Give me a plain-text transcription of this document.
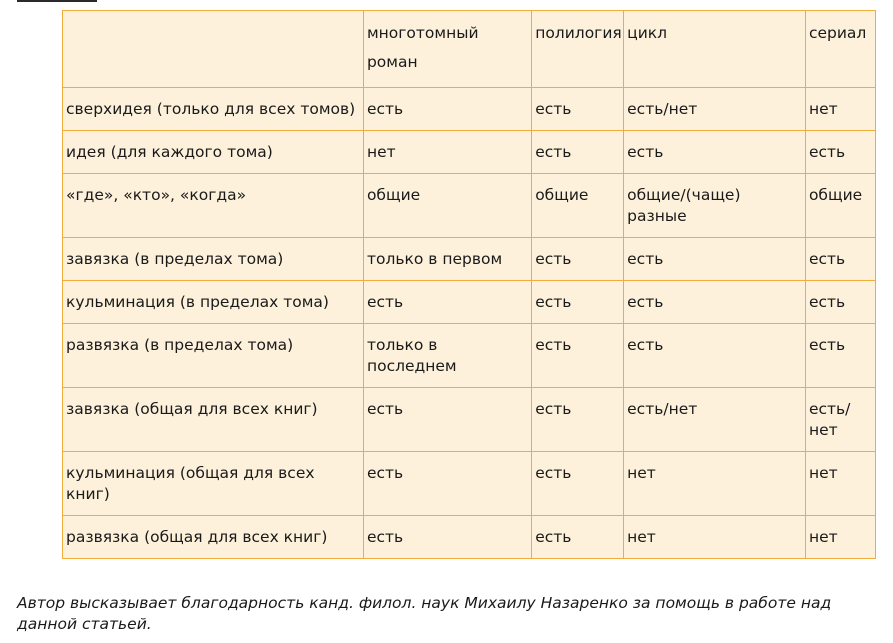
	многотомный роман	полилогия	цикл	сериал
сверхидея (только для всех томов)	есть	есть	есть/нет	нет
идея (для каждого тома)	нет	есть	есть	есть
«где», «кто», «когда»	общие	общие	общие/(чаще) разные	общие
завязка (в пределах тома)	только в первом	есть	есть	есть
кульминация (в пределах тома)	есть	есть	есть	есть
развязка (в пределах тома)	только в последнем	есть	есть	есть
завязка (общая для всех книг)	есть	есть	есть/нет	есть/ нет
кульминация (общая для всех книг)	есть	есть	нет	нет
развязка (общая для всех книг)	есть	есть	нет	нет
Автор высказывает благодарность канд. филол. наук Михаилу Назаренко за помощь в работе над данной статьей.
